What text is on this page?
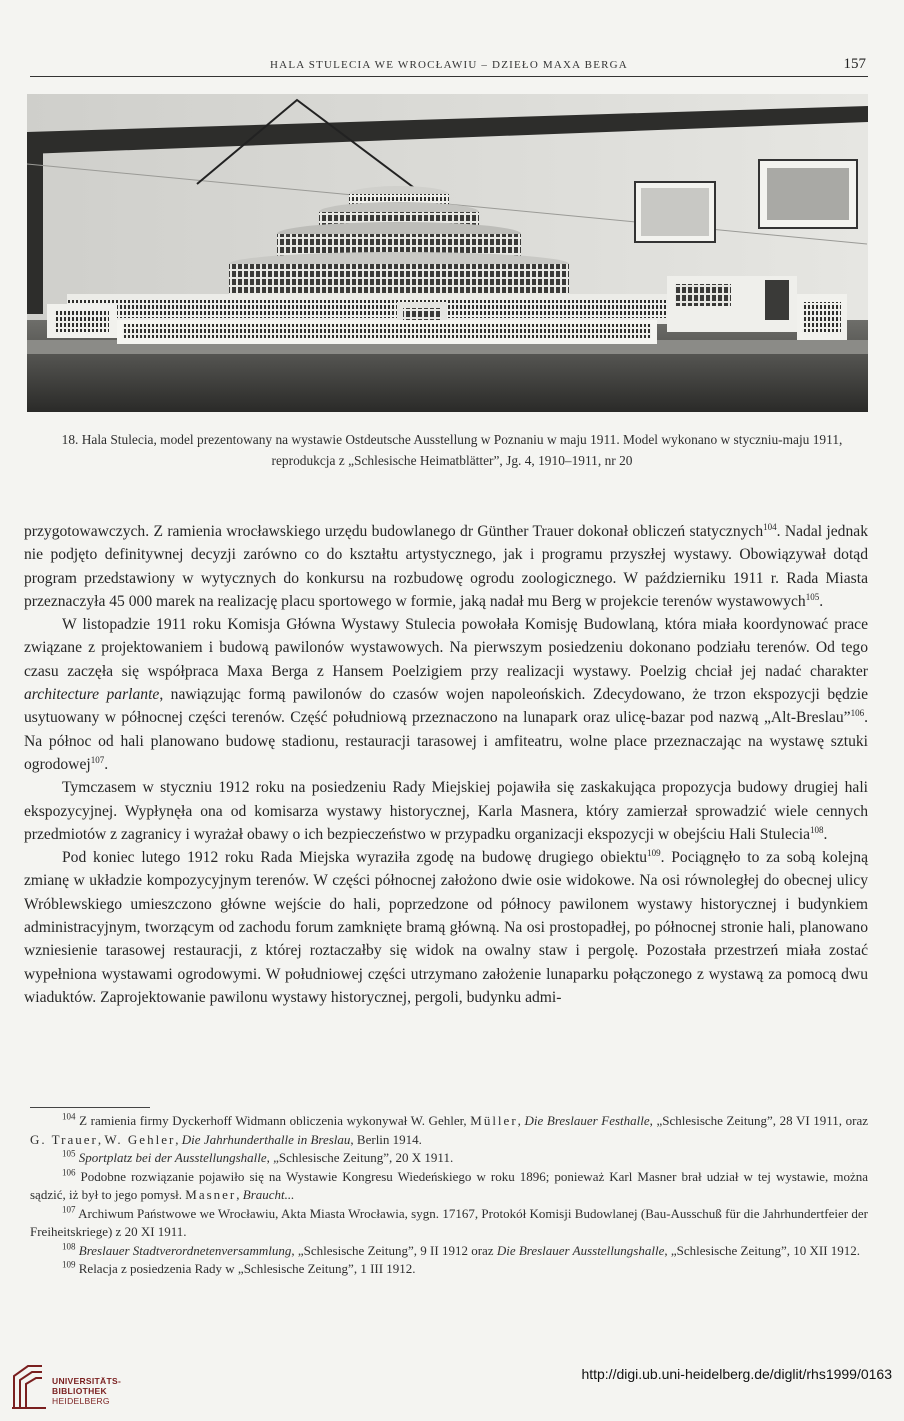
HALA STULECIA WE WROCŁAWIU – DZIEŁO MAXA BERGA	157
18. Hala Stulecia, model prezentowany na wystawie Ostdeutsche Ausstellung w Poznaniu w maju 1911. Model wykonano w styczniu-maju 1911, reprodukcja z „Schlesische Heimatblätter”, Jg. 4, 1910–1911, nr 20

przygotowawczych. Z ramienia wrocławskiego urzędu budowlanego dr Günther Trauer dokonał obliczeń statycznych$^{104}$. Nadal jednak nie podjęto definitywnej decyzji zarówno co do kształtu artystycznego, jak i programu przyszłej wystawy. Obowiązywał dotąd program przedstawiony w wytycznych do konkursu na rozbudowę ogrodu zoologicznego. W październiku 1911 r. Rada Miasta przeznaczyła 45 000 marek na realizację placu sportowego w formie, jaką nadał mu Berg w projekcie terenów wystawowych$^{105}$.

W listopadzie 1911 roku Komisja Główna Wystawy Stulecia powołała Komisję Budowlaną, która miała koordynować prace związane z projektowaniem i budową pawilonów wystawowych. Na pierwszym posiedzeniu dokonano podziału terenów. Od tego czasu zaczęła się współpraca Maxa Berga z Hansem Poelzigiem przy realizacji wystawy. Poelzig chciał jej nadać charakter architecture parlante, nawiązując formą pawilonów do czasów wojen napoleońskich. Zdecydowano, że trzon ekspozycji będzie usytuowany w północnej części terenów. Część południową przeznaczono na lunapark oraz ulicę-bazar pod nazwą „Alt-Breslau”$^{106}$. Na północ od hali planowano budowę stadionu, restauracji tarasowej i amfiteatru, wolne place przeznaczając na wystawę sztuki ogrodowej$^{107}$.

Tymczasem w styczniu 1912 roku na posiedzeniu Rady Miejskiej pojawiła się zaskakująca propozycja budowy drugiej hali ekspozycyjnej. Wypłynęła ona od komisarza wystawy historycznej, Karla Masnera, który zamierzał sprowadzić wiele cennych przedmiotów z zagranicy i wyrażał obawy o ich bezpieczeństwo w przypadku organizacji ekspozycji w obejściu Hali Stulecia$^{108}$.

Pod koniec lutego 1912 roku Rada Miejska wyraziła zgodę na budowę drugiego obiektu$^{109}$. Pociągnęło to za sobą kolejną zmianę w układzie kompozycyjnym terenów. W części północnej założono dwie osie widokowe. Na osi równoległej do obecnej ulicy Wróblewskiego umieszczono główne wejście do hali, poprzedzone od północy pawilonem wystawy historycznej i budynkiem administracyjnym, tworzącym od zachodu forum zamknięte bramą główną. Na osi prostopadłej, po północnej stronie hali, planowano wzniesienie tarasowej restauracji, z której roztaczałby się widok na owalny staw i pergolę. Pozostała przestrzeń miała zostać wypełniona wystawami ogrodowymi. W południowej części utrzymano założenie lunaparku połączonego z wystawą za pomocą dwu wiaduktów. Zaprojektowanie pawilonu wystawy historycznej, pergoli, budynku admi-

$^{104}$ Z ramienia firmy Dyckerhoff Widmann obliczenia wykonywał W. Gehler, Müller, Die Breslauer Festhalle, „Schlesische Zeitung”, 28 VI 1911, oraz G. Trauer, W. Gehler, Die Jahrhunderthalle in Breslau, Berlin 1914.

$^{105}$ Sportplatz bei der Ausstellungshalle, „Schlesische Zeitung”, 20 X 1911.

$^{106}$ Podobne rozwiązanie pojawiło się na Wystawie Kongresu Wiedeńskiego w roku 1896; ponieważ Karl Masner brał udział w tej wystawie, można sądzić, iż był to jego pomysł. Masner, Braucht...

$^{107}$ Archiwum Państwowe we Wrocławiu, Akta Miasta Wrocławia, sygn. 17167, Protokół Komisji Budowlanej (Bau-Ausschuß für die Jahrhundertfeier der Freiheitskriege) z 20 XI 1911.

$^{108}$ Breslauer Stadtverordnetenversammlung, „Schlesische Zeitung”, 9 II 1912 oraz Die Breslauer Ausstellungshalle, „Schlesische Zeitung”, 10 XII 1912.

$^{109}$ Relacja z posiedzenia Rady w „Schlesische Zeitung”, 1 III 1912.

UNIVERSITÄTS-
BIBLIOTHEK
HEIDELBERG
http://digi.ub.uni-heidelberg.de/diglit/rhs1999/0163
